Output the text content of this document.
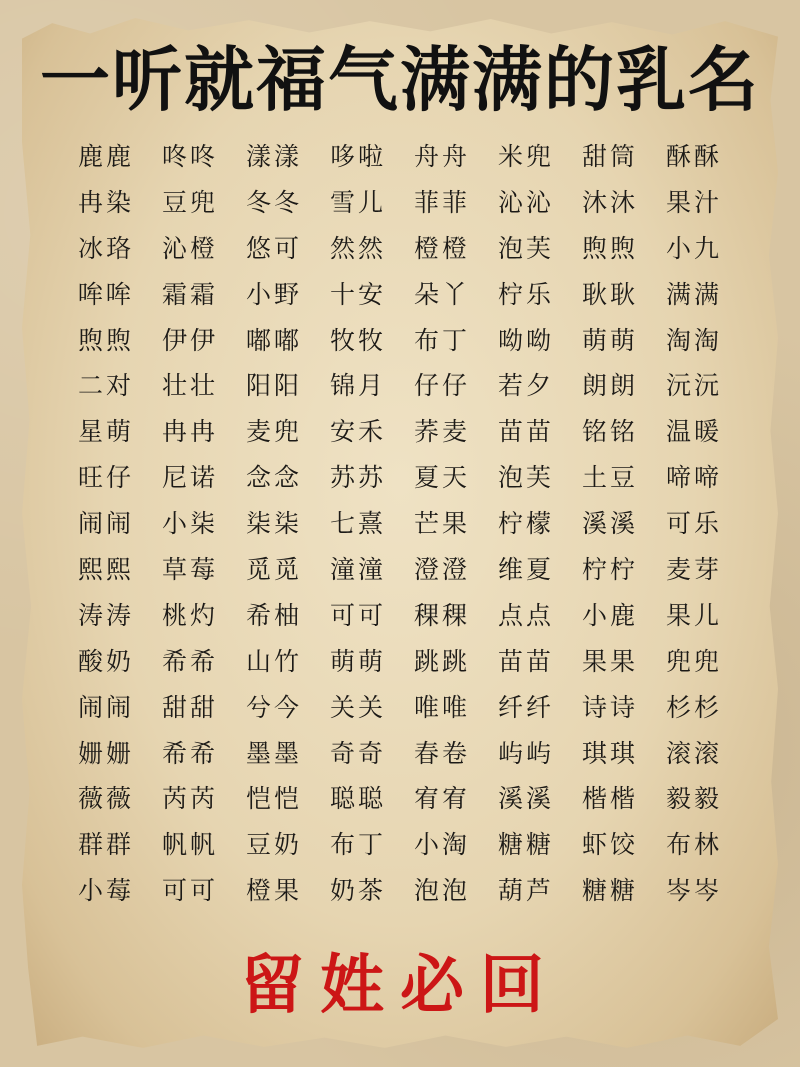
一听就福气满满的乳名
鹿鹿	咚咚	漾漾	哆啦	舟舟	米兜	甜筒	酥酥
冉染	豆兜	冬冬	雪儿	菲菲	沁沁	沐沐	果汁
冰珞	沁橙	悠可	然然	橙橙	泡芙	煦煦	小九
哞哞	霜霜	小野	十安	朵丫	柠乐	耿耿	满满
煦煦	伊伊	嘟嘟	牧牧	布丁	呦呦	萌萌	淘淘
二对	壮壮	阳阳	锦月	仔仔	若夕	朗朗	沅沅
星萌	冉冉	麦兜	安禾	荞麦	苗苗	铭铭	温暖
旺仔	尼诺	念念	苏苏	夏天	泡芙	土豆	啼啼
闹闹	小柒	柒柒	七熹	芒果	柠檬	溪溪	可乐
熙熙	草莓	觅觅	潼潼	澄澄	维夏	柠柠	麦芽
涛涛	桃灼	希柚	可可	稞稞	点点	小鹿	果儿
酸奶	希希	山竹	萌萌	跳跳	苗苗	果果	兜兜
闹闹	甜甜	兮今	关关	唯唯	纤纤	诗诗	杉杉
姗姗	希希	墨墨	奇奇	春卷	屿屿	琪琪	滚滚
薇薇	芮芮	恺恺	聪聪	宥宥	溪溪	楷楷	毅毅
群群	帆帆	豆奶	布丁	小淘	糖糖	虾饺	布林
小莓	可可	橙果	奶茶	泡泡	葫芦	糖糖	岑岑
留姓必回
